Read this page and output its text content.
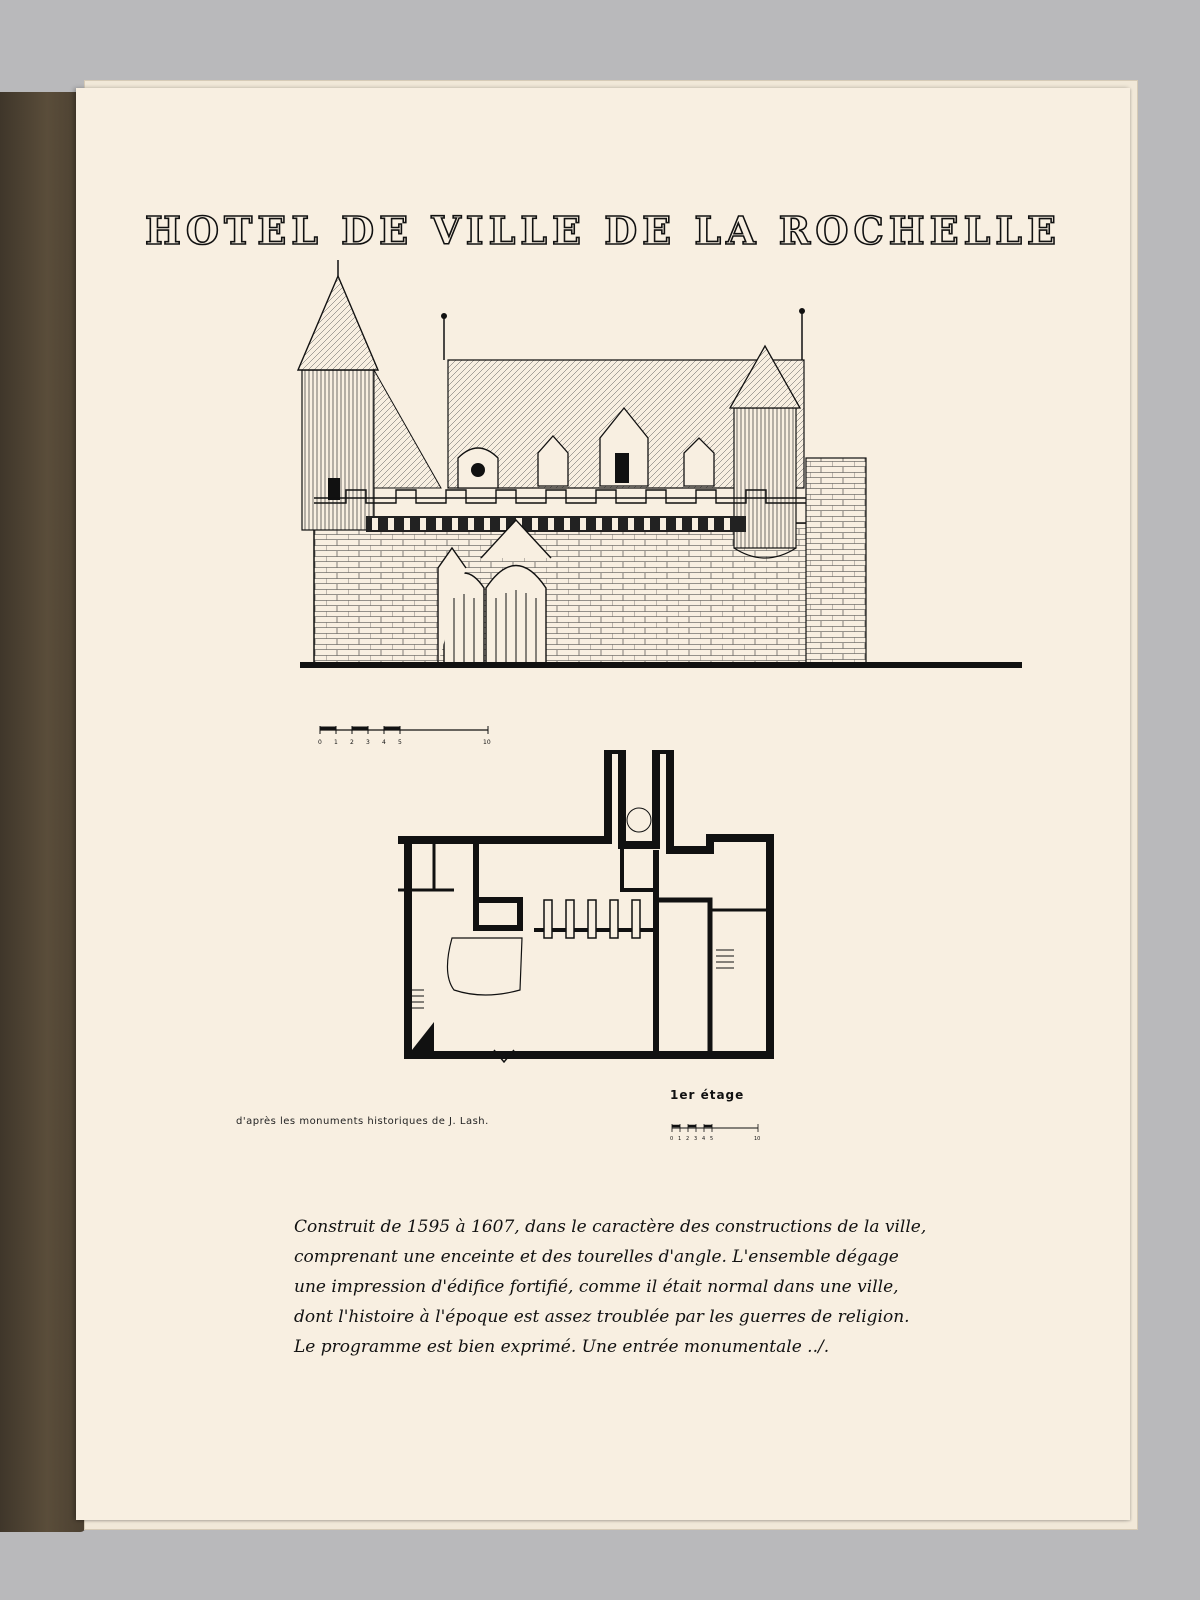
HOTEL DE VILLE DE LA ROCHELLE
0 1 2 3 4 5	10
1er étage
0 1 2 3 4 5	10
d'après les monuments historiques de J. Lash.
Construit de 1595 à 1607, dans le caractère des constructions de la ville,
comprenant une enceinte et des tourelles d'angle. L'ensemble dégage
une impression d'édifice fortifié, comme il était normal dans une ville,
dont l'histoire à l'époque est assez troublée par les guerres de religion.
Le programme est bien exprimé. Une entrée monumentale ../.
